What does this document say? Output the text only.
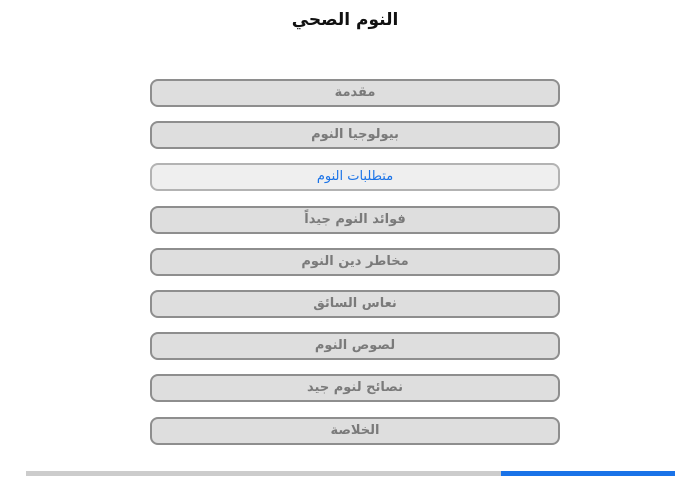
النوم الصحي
مقدمة
بيولوجيا النوم
متطلبات النوم
فوائد النوم جيداً
مخاطر دين النوم
نعاس السائق
لصوص النوم
نصائح لنوم جيد
الخلاصة
